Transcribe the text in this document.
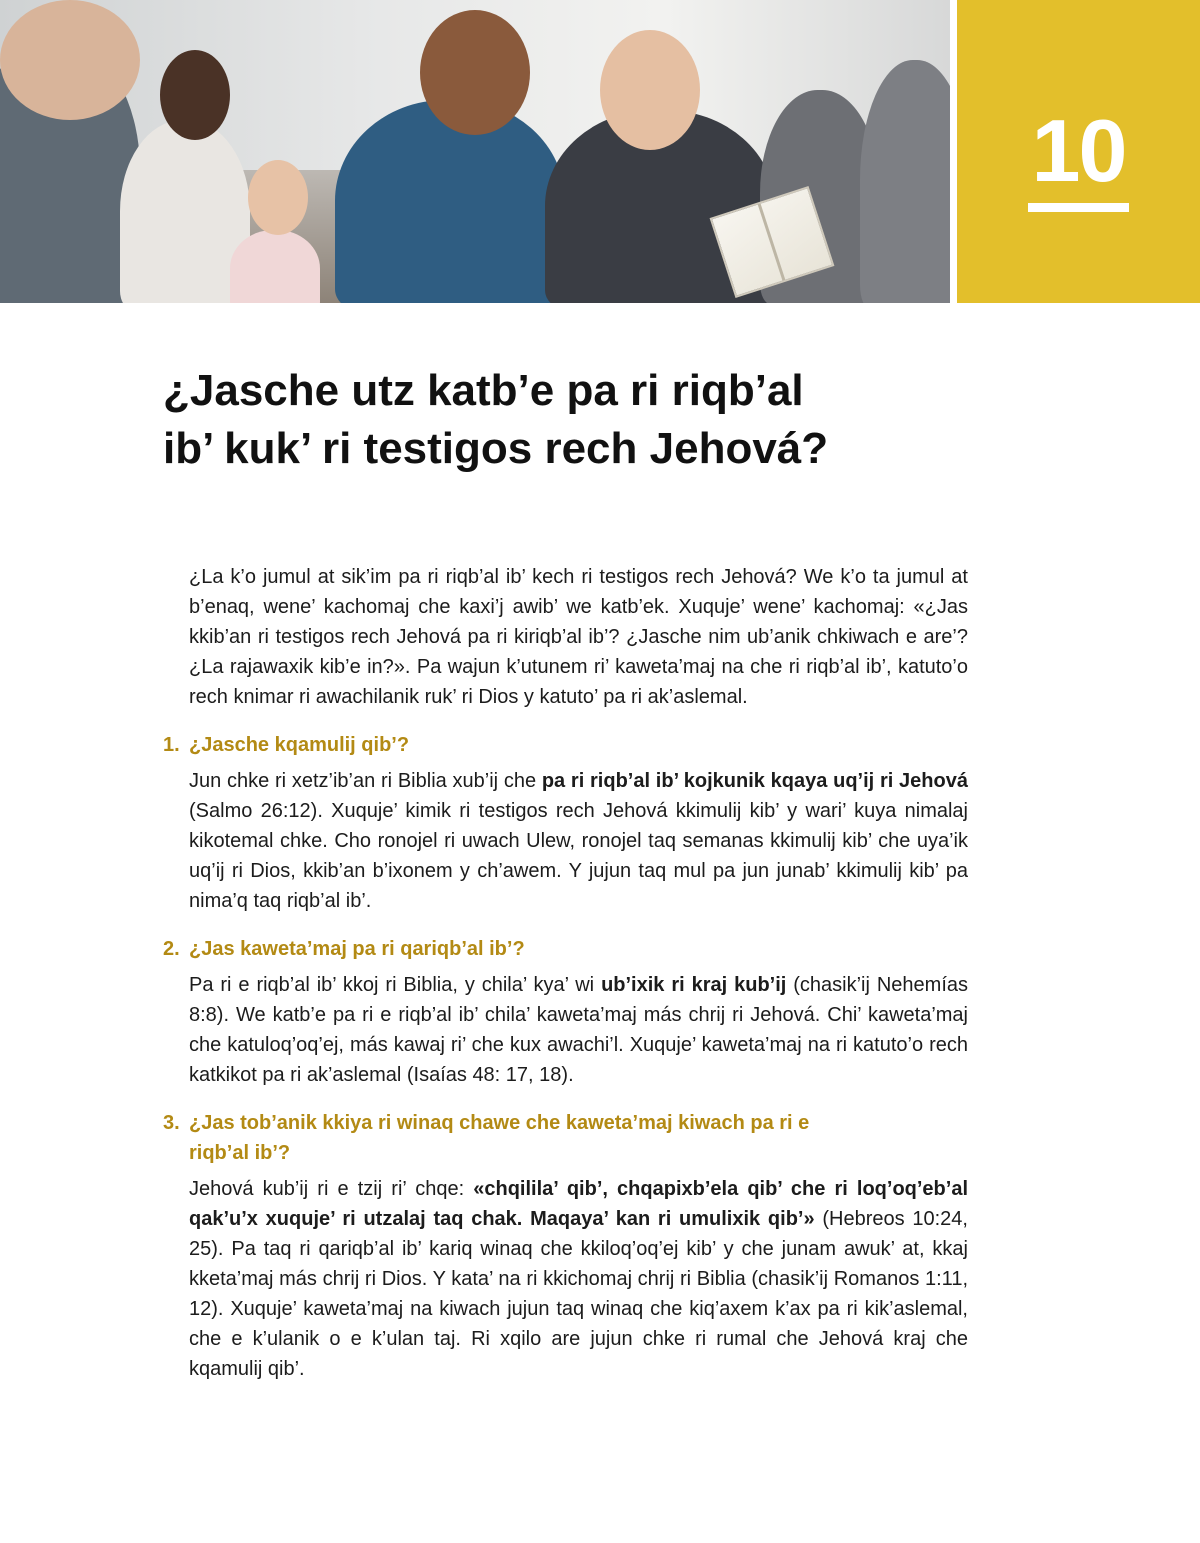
10
¿Jasche utz katb’e pa ri riqb’al ib’ kuk’ ri testigos rech Jehová?

¿La k’o jumul at sik’im pa ri riqb’al ib’ kech ri testigos rech Jehová? We k’o ta jumul at b’enaq, wene’ kachomaj che kaxi’j awib’ we katb’ek. Xuquje’ wene’ kachomaj: «¿Jas kkib’an ri testigos rech Jehová pa ri kiriqb’al ib’? ¿Jasche nim ub’anik chkiwach e are’? ¿La rajawaxik kib’e in?». Pa wajun k’utunem ri’ kaweta’maj na che ri riqb’al ib’, katuto’o rech knimar ri awachilanik ruk’ ri Dios y katuto’ pa ri ak’aslemal.

1. ¿Jasche kqamulij qib’?

Jun chke ri xetz’ib’an ri Biblia xub’ij che pa ri riqb’al ib’ kojkunik kqaya uq’ij ri Jehová (Salmo 26:12). Xuquje’ kimik ri testigos rech Jehová kkimulij kib’ y wari’ kuya nimalaj kikotemal chke. Cho ronojel ri uwach Ulew, ronojel taq semanas kkimulij kib’ che uya’ik uq’ij ri Dios, kkib’an b’ixonem y ch’awem. Y jujun taq mul pa jun junab’ kkimulij kib’ pa nima’q taq riqb’al ib’.

2. ¿Jas kaweta’maj pa ri qariqb’al ib’?

Pa ri e riqb’al ib’ kkoj ri Biblia, y chila’ kya’ wi ub’ixik ri kraj kub’ij (chasik’ij Nehemías 8:8). We katb’e pa ri e riqb’al ib’ chila’ kaweta’maj más chrij ri Jehová. Chi’ kaweta’maj che katuloq’oq’ej, más kawaj ri’ che kux awachi’l. Xuquje’ kaweta’maj na ri katuto’o rech katkikot pa ri ak’aslemal (Isaías 48: 17, 18).

3. ¿Jas tob’anik kkiya ri winaq chawe che kaweta’maj kiwach pa ri e riqb’al ib’?

Jehová kub’ij ri e tzij ri’ chqe: «chqilila’ qib’, chqapixb’ela qib’ che ri loq’oq’eb’al qak’u’x xuquje’ ri utzalaj taq chak. Maqaya’ kan ri umulixik qib’» (Hebreos 10:24, 25). Pa taq ri qariqb’al ib’ kariq winaq che kkiloq’oq’ej kib’ y che junam awuk’ at, kkaj kketa’maj más chrij ri Dios. Y kata’ na ri kkichomaj chrij ri Biblia (chasik’ij Romanos 1:11, 12). Xuquje’ kaweta’maj na kiwach jujun taq winaq che kiq’axem k’ax pa ri kik’aslemal, che e k’ulanik o e k’ulan taj. Ri xqilo are jujun chke ri rumal che Jehová kraj che kqamulij qib’.
